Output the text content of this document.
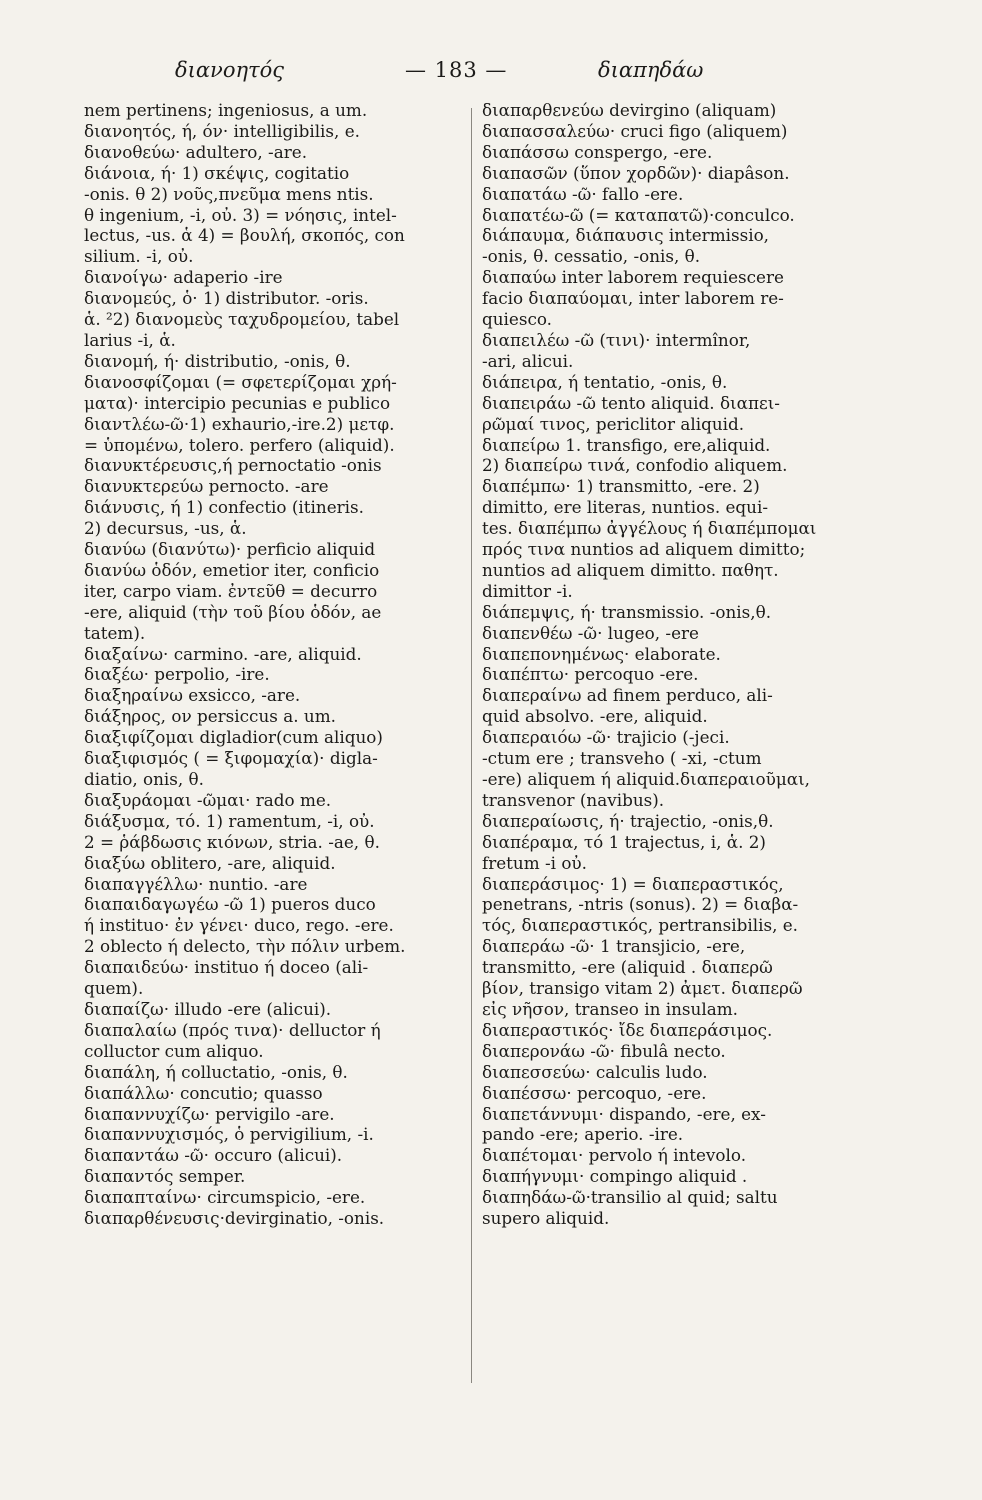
διανοητός	— 183 —	διαπηδάω
nem pertinens; ingeniosus, a um.
διανοητός, ή, όν· intelligibilis, e.
διανοθεύω· adultero, -are.
διάνοια, ή· 1) σκέψις, cogitatio
-onis. θ 2) νοῦς,πνεῦμα mens ntis.
θ ingenium, -i, οὐ. 3) = νόησις, intel-
lectus, -us. ἁ 4) = βουλή, σκοπός, con
silium. -i, οὐ.
διανοίγω· adaperio -ire
διανομεύς, ὁ· 1) distributor. -oris.
ἁ. ²2) διανομεὺς ταχυδρομείου, tabel
larius -i, ἁ.
διανομή, ή· distributio, -onis, θ.
διανοσφίζομαι (= σφετερίζομαι χρή-
ματα)· intercipio pecunias e publico
διαντλέω-ῶ·1) exhaurio,-ire.2) μετφ.
= ὑπομένω, tolero. perfero (aliquid).
διανυκτέρευσις,ή pernoctatio -onis
διανυκτερεύω pernocto. -are
διάνυσις, ή 1) confectio (itineris.
2) decursus, -us, ἁ.
διανύω (διανύτω)· perficio aliquid
διανύω ὁδόν, emetior iter, conficio
iter, carpo viam. ἐντεῦθ = decurro
-ere, aliquid (τὴν τοῦ βίου ὁδόν, ae
tatem).
διαξαίνω· carmino. -are, aliquid.
διαξέω· perpolio, -ire.
διαξηραίνω exsicco, -are.
διάξηρος, ον persiccus a. um.
διαξιφίζομαι digladior(cum aliquo)
διαξιφισμός ( = ξιφομαχία)· digla-
diatio, onis, θ.
διαξυράομαι -ῶμαι· rado me.
διάξυσμα, τό. 1) ramentum, -i, οὐ.
2 = ῥάβδωσις κιόνων, stria. -ae, θ.
διαξύω oblitero, -are, aliquid.
διαπαγγέλλω· nuntio. -are
διαπαιδαγωγέω -ῶ 1) pueros duco
ή instituo· ἐν γένει· duco, rego. -ere.
2 oblecto ή delecto, τὴν πόλιν urbem.
διαπαιδεύω· instituo ή doceo (ali-
quem).
διαπαίζω· illudo -ere (alicui).
διαπαλαίω (πρός τινα)· delluctor ή
colluctor cum aliquo.
διαπάλη, ή colluctatio, -onis, θ.
διαπάλλω· concutio; quasso
διαπαννυχίζω· pervigilo -are.
διαπαννυχισμός, ὁ pervigilium, -i.
διαπαντάω -ῶ· occuro (alicui).
διαπαντός semper.
διαπαπταίνω· circumspicio, -ere.
διαπαρθένευσις·devirginatio, -onis.
διαπαρθενεύω devirgino (aliquam)
διαπασσαλεύω· cruci figo (aliquem)
διαπάσσω conspergo, -ere.
διαπασῶν (ὕπον χορδῶν)· diapâson.
διαπατάω -ῶ· fallo -ere.
διαπατέω-ῶ (= καταπατῶ)·conculco.
διάπαυμα, διάπαυσις intermissio,
-onis, θ. cessatio, -onis, θ.
διαπαύω inter laborem requiescere
facio διαπαύομαι, inter laborem re-
quiesco.
διαπειλέω -ῶ (τινι)· intermînor,
-ari, alicui.
διάπειρα, ή tentatio, -onis, θ.
διαπειράω -ῶ tento aliquid. διαπει-
ρῶμαί τινος, periclitor aliquid.
διαπείρω 1. transfigo, ere,aliquid.
2) διαπείρω τινά, confodio aliquem.
διαπέμπω· 1) transmitto, -ere. 2)
dimitto, ere literas, nuntios. equi-
tes. διαπέμπω ἀγγέλους ή διαπέμπομαι
πρός τινα nuntios ad aliquem dimitto;
nuntios ad aliquem dimitto. παθητ.
dimittor -i.
διάπεμψις, ή· transmissio. -onis,θ.
διαπενθέω -ῶ· lugeo, -ere
διαπεπονημένως· elaborate.
διαπέπτω· percoquo -ere.
διαπεραίνω ad finem perduco, ali-
quid absolvo. -ere, aliquid.
διαπεραιόω -ῶ· trajicio (-jeci.
-ctum ere ; transveho ( -xi, -ctum
-ere) aliquem ή aliquid.διαπεραιοῦμαι,
transvenor (navibus).
διαπεραίωσις, ή· trajectio, -onis,θ.
διαπέραμα, τό 1 trajectus, i, ἁ. 2)
fretum -i οὐ.
διαπεράσιμος· 1) = διαπεραστικός,
penetrans, -ntris (sonus). 2) = διαβα-
τός, διαπεραστικός, pertransibilis, e.
διαπεράω -ῶ· 1 transjicio, -ere,
transmitto, -ere (aliquid . διαπερῶ
βίον, transigo vitam 2) ἀμετ. διαπερῶ
εἰς νῆσον, transeo in insulam.
διαπεραστικός· ἴδε διαπεράσιμος.
διαπερονάω -ῶ· fibulâ necto.
διαπεσσεύω· calculis ludo.
διαπέσσω· percoquo, -ere.
διαπετάννυμι· dispando, -ere, ex-
pando -ere; aperio. -ire.
διαπέτομαι· pervolo ή intevolo.
διαπήγνυμι· compingo aliquid .
διαπηδάω-ῶ·transilio al quid; saltu
supero aliquid.
